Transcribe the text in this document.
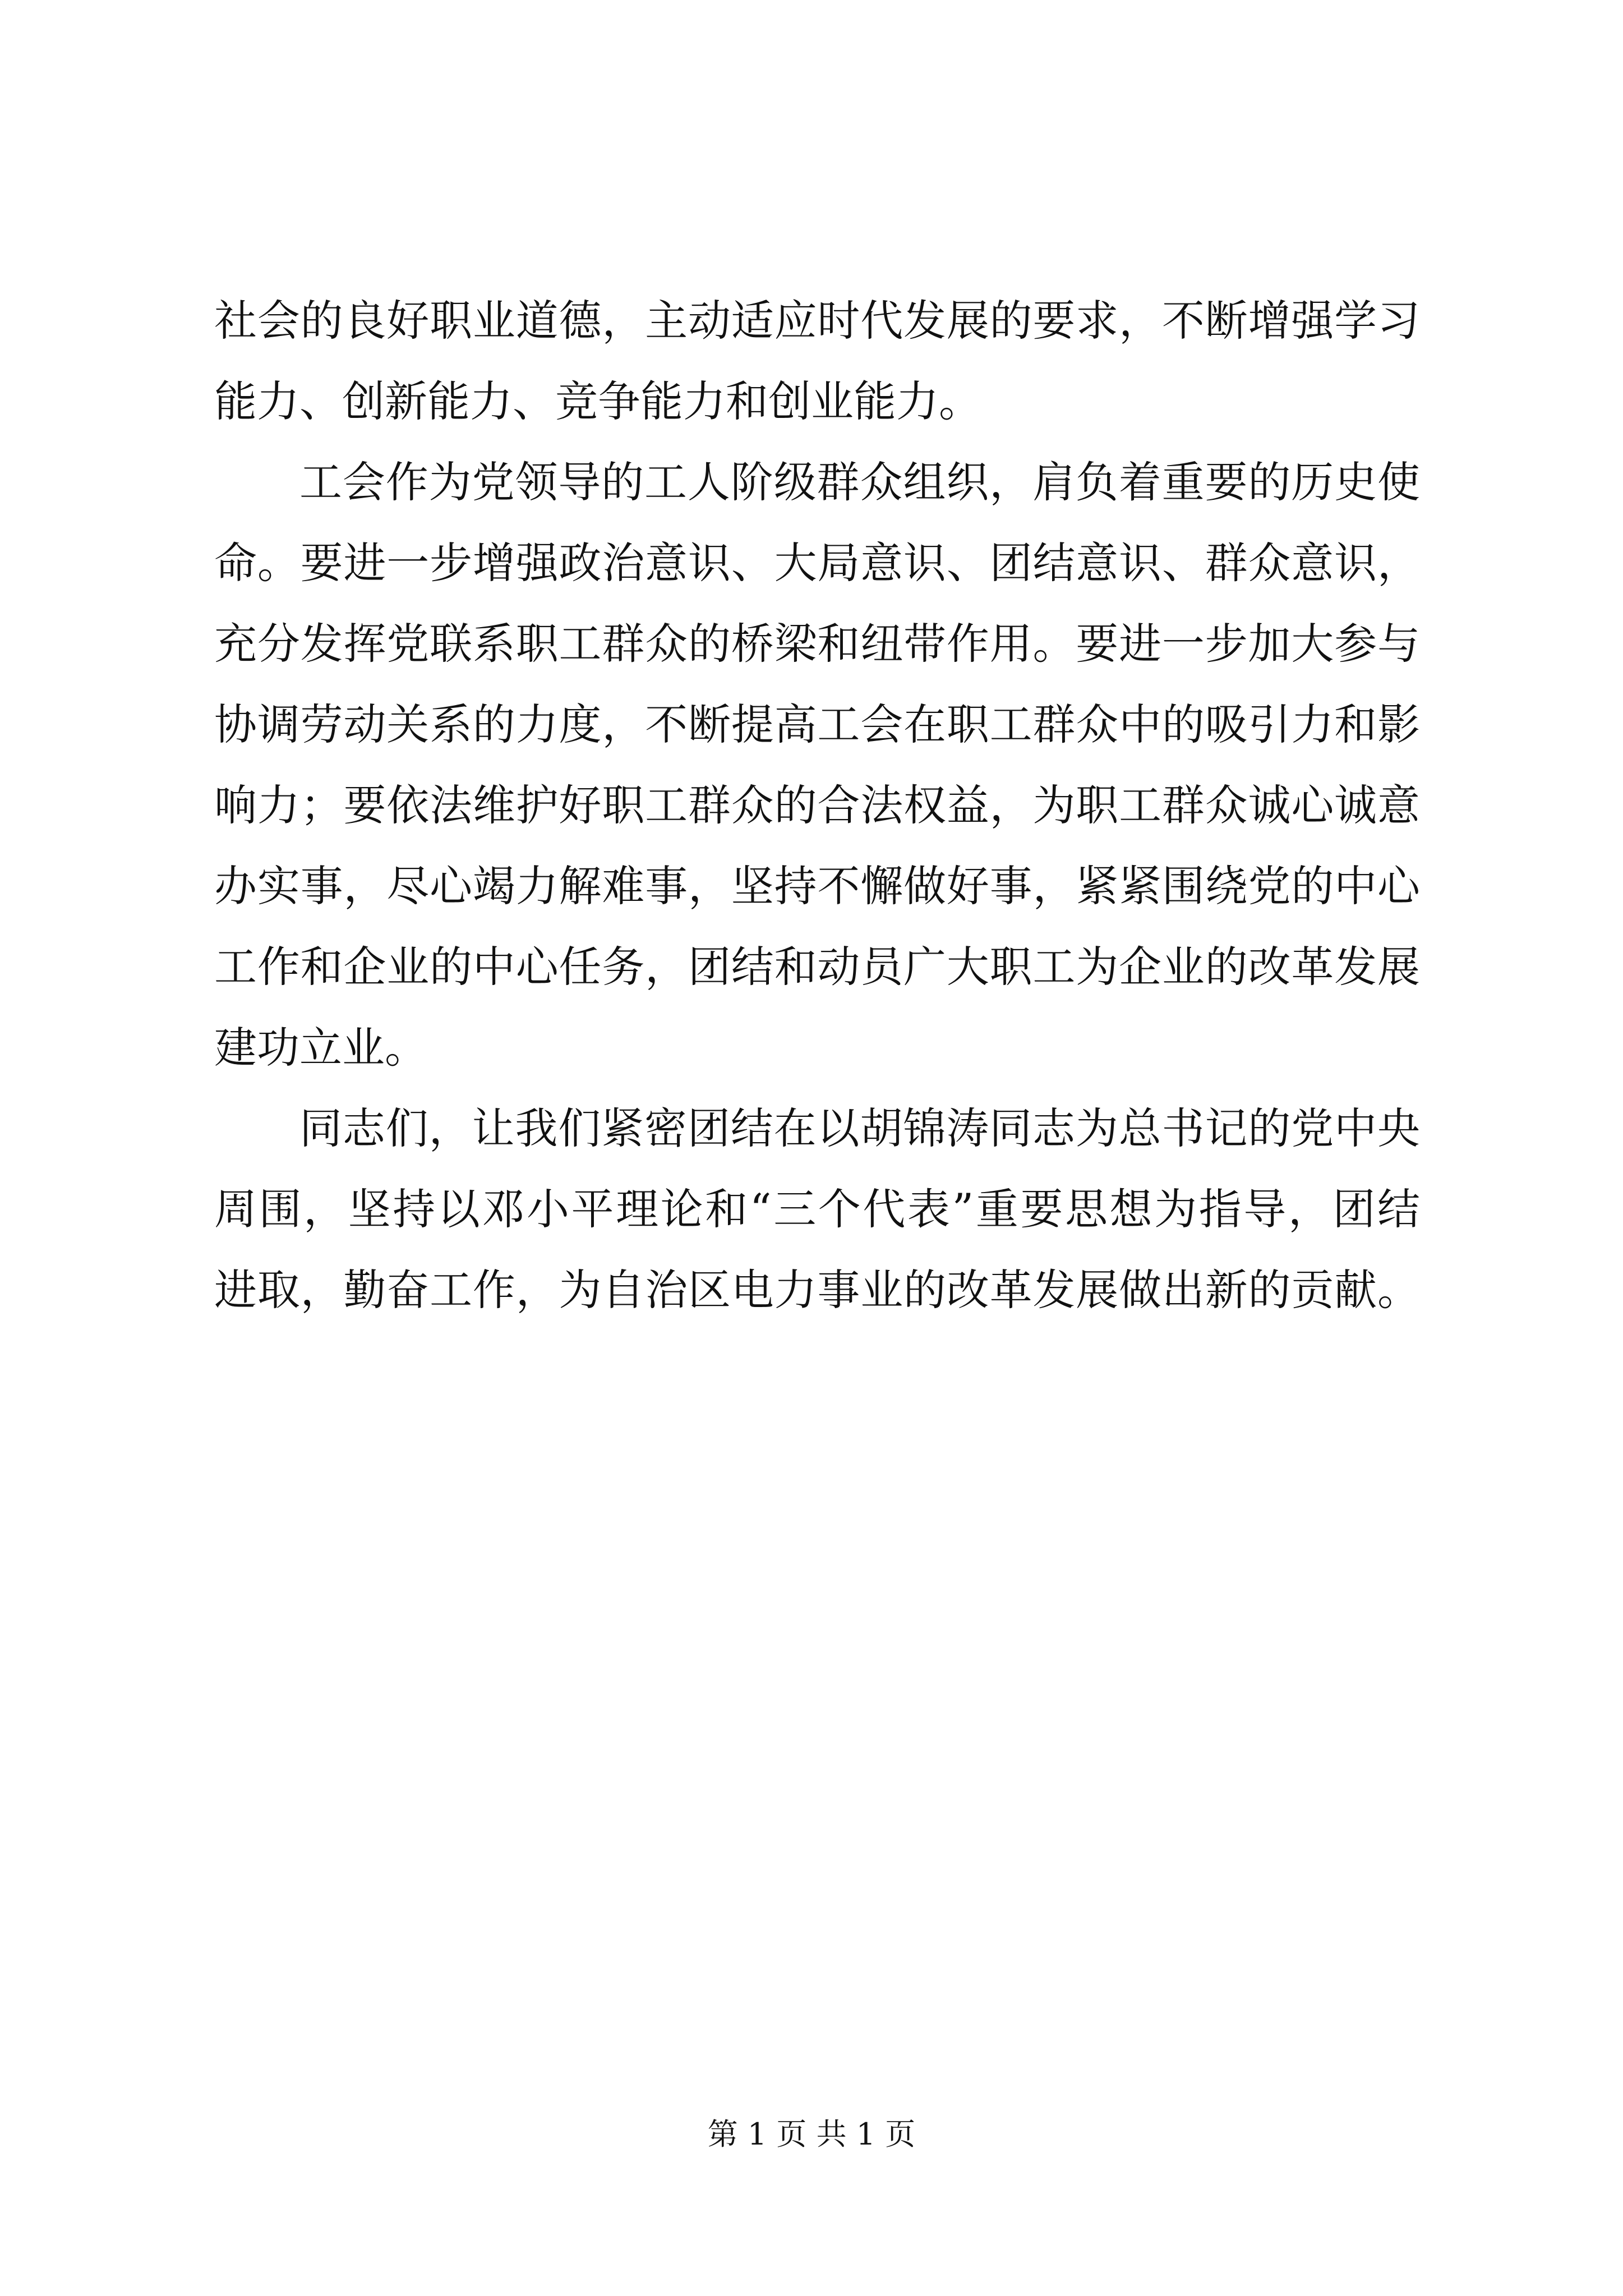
社会的良好职业道德，主动适应时代发展的要求，不断增强学习
能力、创新能力、竞争能力和创业能力。
工会作为党领导的工人阶级群众组织，肩负着重要的历史使
命。要进一步增强政治意识、大局意识、团结意识、群众意识，
充分发挥党联系职工群众的桥梁和纽带作用。要进一步加大参与
协调劳动关系的力度，不断提高工会在职工群众中的吸引力和影
响力；要依法维护好职工群众的合法权益，为职工群众诚心诚意
办实事，尽心竭力解难事，坚持不懈做好事，紧紧围绕党的中心
工作和企业的中心任务，团结和动员广大职工为企业的改革发展
建功立业。
同志们，让我们紧密团结在以胡锦涛同志为总书记的党中央
周围，坚持以邓小平理论和“三个代表”重要思想为指导，团结
进取，勤奋工作，为自治区电力事业的改革发展做出新的贡献。
第 1 页 共 1 页
